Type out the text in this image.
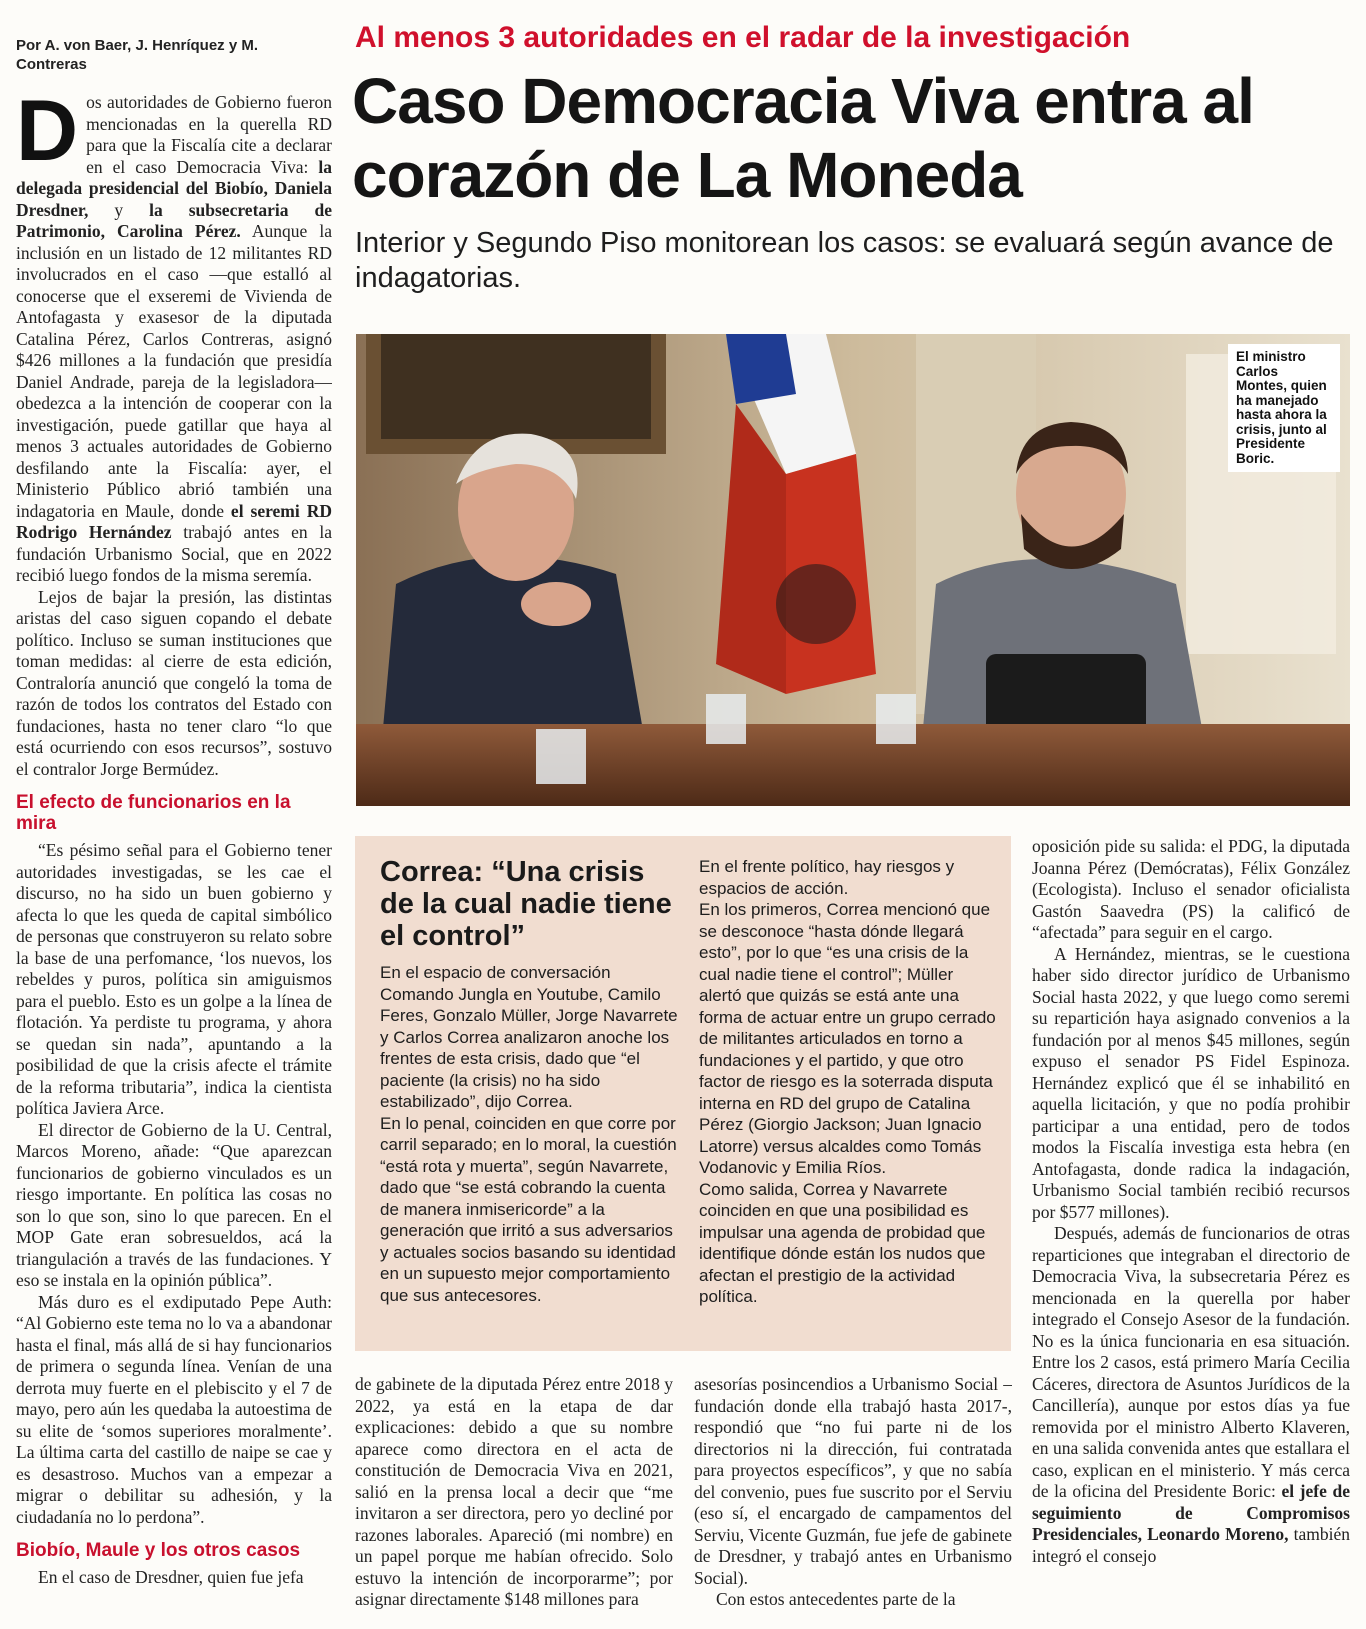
Por A. von Baer, J. Henríquez y M. Contreras

Dos autoridades de Gobierno fueron mencionadas en la querella RD para que la Fiscalía cite a declarar en el caso Democracia Viva: la delegada presidencial del Biobío, Daniela Dresdner, y la subsecretaria de Patrimonio, Carolina Pérez. Aunque la inclusión en un listado de 12 militantes RD involucrados en el caso —que estalló al conocerse que el exseremi de Vivienda de Antofagasta y exasesor de la diputada Catalina Pérez, Carlos Contreras, asignó $426 millones a la fundación que presidía Daniel Andrade, pareja de la legisladora— obedezca a la intención de cooperar con la investigación, puede gatillar que haya al menos 3 actuales autoridades de Gobierno desfilando ante la Fiscalía: ayer, el Ministerio Público abrió también una indagatoria en Maule, donde el seremi RD Rodrigo Hernández trabajó antes en la fundación Urbanismo Social, que en 2022 recibió luego fondos de la misma seremía.

Lejos de bajar la presión, las distintas aristas del caso siguen copando el debate político. Incluso se suman instituciones que toman medidas: al cierre de esta edición, Contraloría anunció que congeló la toma de razón de todos los contratos del Estado con fundaciones, hasta no tener claro “lo que está ocurriendo con esos recursos”, sostuvo el contralor Jorge Bermúdez.

El efecto de funcionarios en la mira

“Es pésimo señal para el Gobierno tener autoridades investigadas, se les cae el discurso, no ha sido un buen gobierno y afecta lo que les queda de capital simbólico de personas que construyeron su relato sobre la base de una perfomance, ‘los nuevos, los rebeldes y puros, política sin amiguismos para el pueblo. Esto es un golpe a la línea de flotación. Ya perdiste tu programa, y ahora se quedan sin nada”, apuntando a la posibilidad de que la crisis afecte el trámite de la reforma tributaria”, indica la cientista política Javiera Arce.

El director de Gobierno de la U. Central, Marcos Moreno, añade: “Que aparezcan funcionarios de gobierno vinculados es un riesgo importante. En política las cosas no son lo que son, sino lo que parecen. En el MOP Gate eran sobresueldos, acá la triangulación a través de las fundaciones. Y eso se instala en la opinión pública”.

Más duro es el exdiputado Pepe Auth: “Al Gobierno este tema no lo va a abandonar hasta el final, más allá de si hay funcionarios de primera o segunda línea. Venían de una derrota muy fuerte en el plebiscito y el 7 de mayo, pero aún les quedaba la autoestima de su elite de ‘somos superiores moralmente’. La última carta del castillo de naipe se cae y es desastroso. Muchos van a empezar a migrar o debilitar su adhesión, y la ciudadanía no lo perdona”.

Biobío, Maule y los otros casos

En el caso de Dresdner, quien fue jefa

Al menos 3 autoridades en el radar de la investigación
Caso Democracia Viva entra al corazón de La Moneda
Interior y Segundo Piso monitorean los casos: se evaluará según avance de indagatorias.
El ministro Carlos Montes, quien ha manejado hasta ahora la crisis, junto al Presidente Boric.
Correa: “Una crisis de la cual nadie tiene el control”

En el espacio de conversación Comando Jungla en Youtube, Camilo Feres, Gonzalo Müller, Jorge Navarrete y Carlos Correa analizaron anoche los frentes de esta crisis, dado que “el paciente (la crisis) no ha sido estabilizado”, dijo Correa.

En lo penal, coinciden en que corre por carril separado; en lo moral, la cuestión “está rota y muerta”, según Navarrete, dado que “se está cobrando la cuenta de manera inmisericorde” a la generación que irritó a sus adversarios y actuales socios basando su identidad en un supuesto mejor comportamiento que sus antecesores.

En el frente político, hay riesgos y espacios de acción.

En los primeros, Correa mencionó que se desconoce “hasta dónde llegará esto”, por lo que “es una crisis de la cual nadie tiene el control”; Müller alertó que quizás se está ante una forma de actuar entre un grupo cerrado de militantes articulados en torno a fundaciones y el partido, y que otro factor de riesgo es la soterrada disputa interna en RD del grupo de Catalina Pérez (Giorgio Jackson; Juan Ignacio Latorre) versus alcaldes como Tomás Vodanovic y Emilia Ríos.

Como salida, Correa y Navarrete coinciden en que una posibilidad es impulsar una agenda de probidad que identifique dónde están los nudos que afectan el prestigio de la actividad política.

de gabinete de la diputada Pérez entre 2018 y 2022, ya está en la etapa de dar explicaciones: debido a que su nombre aparece como directora en el acta de constitución de Democracia Viva en 2021, salió en la prensa local a decir que “me invitaron a ser directora, pero yo decliné por razones laborales. Apareció (mi nombre) en un papel porque me habían ofrecido. Solo estuvo la intención de incorporarme”; por asignar directamente $148 millones para

asesorías posincendios a Urbanismo Social –fundación donde ella trabajó hasta 2017-, respondió que “no fui parte ni de los directorios ni la dirección, fui contratada para proyectos específicos”, y que no sabía del convenio, pues fue suscrito por el Serviu (eso sí, el encargado de campamentos del Serviu, Vicente Guzmán, fue jefe de gabinete de Dresdner, y trabajó antes en Urbanismo Social).

Con estos antecedentes parte de la

oposición pide su salida: el PDG, la diputada Joanna Pérez (Demócratas), Félix González (Ecologista). Incluso el senador oficialista Gastón Saavedra (PS) la calificó de “afectada” para seguir en el cargo.

A Hernández, mientras, se le cuestiona haber sido director jurídico de Urbanismo Social hasta 2022, y que luego como seremi su repartición haya asignado convenios a la fundación por al menos $45 millones, según expuso el senador PS Fidel Espinoza. Hernández explicó que él se inhabilitó en aquella licitación, y que no podía prohibir participar a una entidad, pero de todos modos la Fiscalía investiga esta hebra (en Antofagasta, donde radica la indagación, Urbanismo Social también recibió recursos por $577 millones).

Después, además de funcionarios de otras reparticiones que integraban el directorio de Democracia Viva, la subsecretaria Pérez es mencionada en la querella por haber integrado el Consejo Asesor de la fundación. No es la única funcionaria en esa situación. Entre los 2 casos, está primero María Cecilia Cáceres, directora de Asuntos Jurídicos de la Cancillería), aunque por estos días ya fue removida por el ministro Alberto Klaveren, en una salida convenida antes que estallara el caso, explican en el ministerio. Y más cerca de la oficina del Presidente Boric: el jefe de seguimiento de Compromisos Presidenciales, Leonardo Moreno, también integró el consejo
